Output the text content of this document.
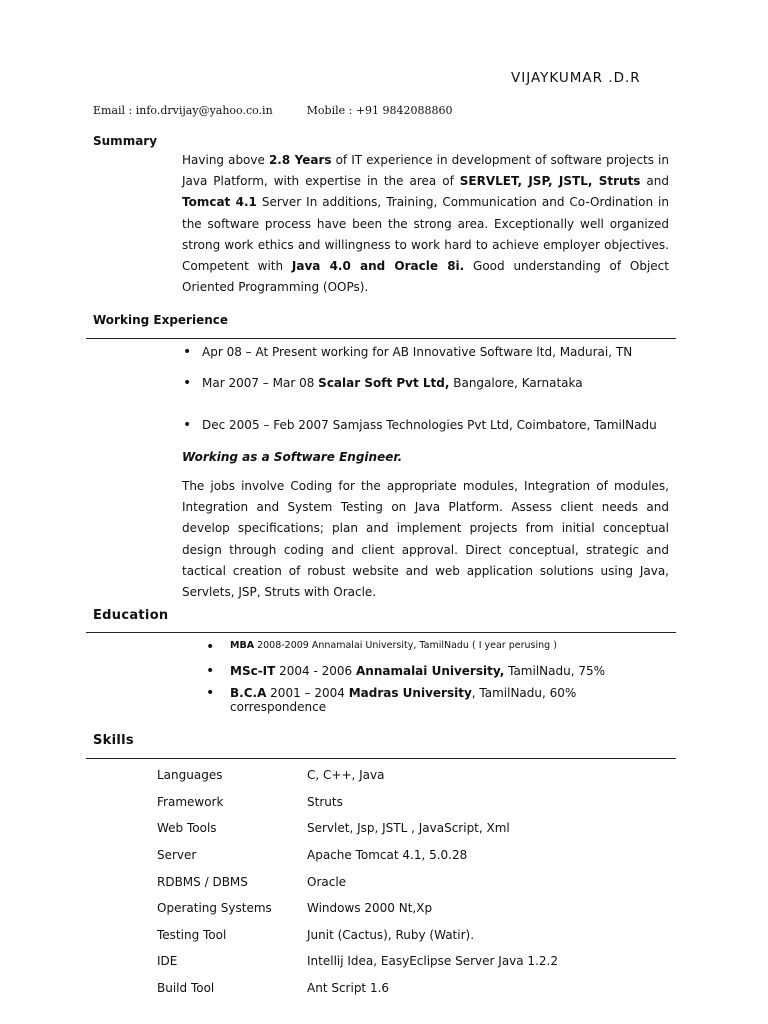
VIJAYKUMAR .D.R
Email : info.drvijay@yahoo.co.in	Mobile : +91 9842088860
Summary
Having above 2.8 Years of IT experience in development of software projects in Java Platform, with expertise in the area of SERVLET, JSP, JSTL, Struts and Tomcat 4.1 Server In additions, Training, Communication and Co-Ordination in the software process have been the strong area. Exceptionally well organized strong work ethics and willingness to work hard to achieve employer objectives. Competent with Java 4.0 and Oracle 8i. Good understanding of Object Oriented Programming (OOPs).
Working Experience
• Apr 08 – At Present working for AB Innovative Software ltd, Madurai, TN
• Mar 2007 – Mar 08 Scalar Soft Pvt Ltd, Bangalore, Karnataka
• Dec 2005 – Feb 2007 Samjass Technologies Pvt Ltd, Coimbatore, TamilNadu
Working as a Software Engineer.
The jobs involve Coding for the appropriate modules, Integration of modules, Integration and System Testing on Java Platform. Assess client needs and develop specifications; plan and implement projects from initial conceptual design through coding and client approval. Direct conceptual, strategic and tactical creation of robust website and web application solutions using Java, Servlets, JSP, Struts with Oracle.
Education
• MBA 2008-2009 Annamalai University, TamilNadu ( I year perusing )
• MSc-IT 2004 - 2006 Annamalai University, TamilNadu, 75%
• B.C.A 2001 – 2004 Madras University, TamilNadu, 60% correspondence
Skills
Languages	C, C++, Java
Framework	Struts
Web Tools	Servlet, Jsp, JSTL , JavaScript, Xml
Server	Apache Tomcat 4.1, 5.0.28
RDBMS / DBMS	Oracle
Operating Systems	Windows 2000 Nt,Xp
Testing Tool	Junit (Cactus), Ruby (Watir).
IDE	Intellij Idea, EasyEclipse Server Java 1.2.2
Build Tool	Ant Script 1.6
